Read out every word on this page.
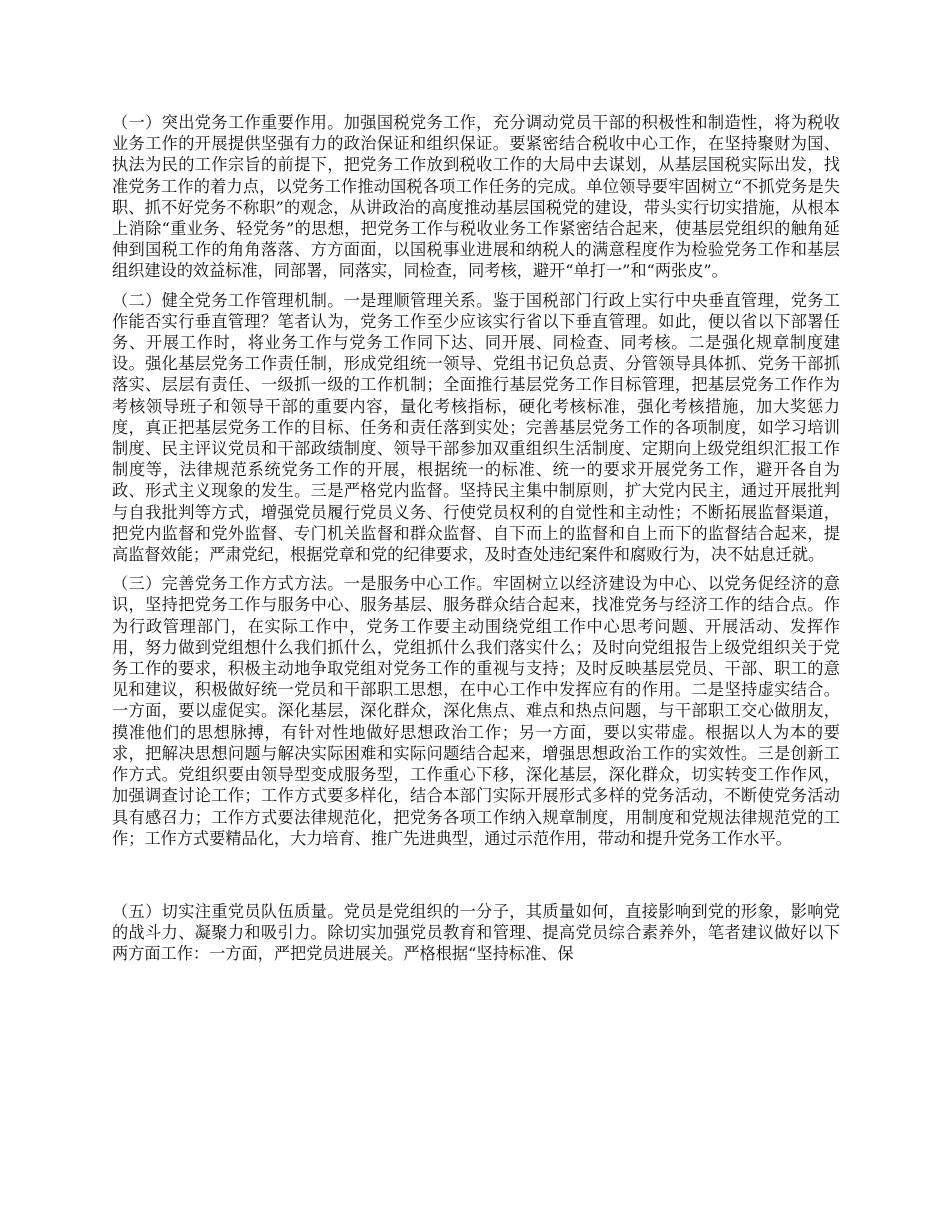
（一）突出党务工作重要作用。加强国税党务工作，充分调动党员干部的积极性和制造性，将为税收业务工作的开展提供坚强有力的政治保证和组织保证。要紧密结合税收中心工作，在坚持聚财为国、执法为民的工作宗旨的前提下，把党务工作放到税收工作的大局中去谋划，从基层国税实际出发，找准党务工作的着力点，以党务工作推动国税各项工作任务的完成。单位领导要牢固树立“不抓党务是失职、抓不好党务不称职”的观念，从讲政治的高度推动基层国税党的建设，带头实行切实措施，从根本上消除“重业务、轻党务”的思想，把党务工作与税收业务工作紧密结合起来，使基层党组织的触角延伸到国税工作的角角落落、方方面面，以国税事业进展和纳税人的满意程度作为检验党务工作和基层组织建设的效益标准，同部署，同落实，同检查，同考核，避开“单打一”和“两张皮”。

（二）健全党务工作管理机制。一是理顺管理关系。鉴于国税部门行政上实行中央垂直管理，党务工作能否实行垂直管理？笔者认为，党务工作至少应该实行省以下垂直管理。如此，便以省以下部署任务、开展工作时，将业务工作与党务工作同下达、同开展、同检查、同考核。二是强化规章制度建设。强化基层党务工作责任制，形成党组统一领导、党组书记负总责、分管领导具体抓、党务干部抓落实、层层有责任、一级抓一级的工作机制；全面推行基层党务工作目标管理，把基层党务工作作为考核领导班子和领导干部的重要内容，量化考核指标，硬化考核标准，强化考核措施，加大奖惩力度，真正把基层党务工作的目标、任务和责任落到实处；完善基层党务工作的各项制度，如学习培训制度、民主评议党员和干部政绩制度、领导干部参加双重组织生活制度、定期向上级党组织汇报工作制度等，法律规范系统党务工作的开展，根据统一的标准、统一的要求开展党务工作，避开各自为政、形式主义现象的发生。三是严格党内监督。坚持民主集中制原则，扩大党内民主，通过开展批判与自我批判等方式，增强党员履行党员义务、行使党员权利的自觉性和主动性；不断拓展监督渠道，把党内监督和党外监督、专门机关监督和群众监督、自下而上的监督和自上而下的监督结合起来，提高监督效能；严肃党纪，根据党章和党的纪律要求，及时查处违纪案件和腐败行为，决不姑息迁就。

（三）完善党务工作方式方法。一是服务中心工作。牢固树立以经济建设为中心、以党务促经济的意识，坚持把党务工作与服务中心、服务基层、服务群众结合起来，找准党务与经济工作的结合点。作为行政管理部门，在实际工作中，党务工作要主动围绕党组工作中心思考问题、开展活动、发挥作用，努力做到党组想什么我们抓什么，党组抓什么我们落实什么；及时向党组报告上级党组织关于党务工作的要求，积极主动地争取党组对党务工作的重视与支持；及时反映基层党员、干部、职工的意见和建议，积极做好统一党员和干部职工思想，在中心工作中发挥应有的作用。二是坚持虚实结合。一方面，要以虚促实。深化基层，深化群众，深化焦点、难点和热点问题，与干部职工交心做朋友，摸准他们的思想脉搏，有针对性地做好思想政治工作；另一方面，要以实带虚。根据以人为本的要求，把解决思想问题与解决实际困难和实际问题结合起来，增强思想政治工作的实效性。三是创新工作方式。党组织要由领导型变成服务型，工作重心下移，深化基层，深化群众，切实转变工作作风，加强调查讨论工作；工作方式要多样化，结合本部门实际开展形式多样的党务活动，不断使党务活动具有感召力；工作方式要法律规范化，把党务各项工作纳入规章制度，用制度和党规法律规范党的工作；工作方式要精品化，大力培育、推广先进典型，通过示范作用，带动和提升党务工作水平。

（五）切实注重党员队伍质量。党员是党组织的一分子，其质量如何，直接影响到党的形象，影响党的战斗力、凝聚力和吸引力。除切实加强党员教育和管理、提高党员综合素养外，笔者建议做好以下两方面工作：一方面，严把党员进展关。严格根据“坚持标准、保
